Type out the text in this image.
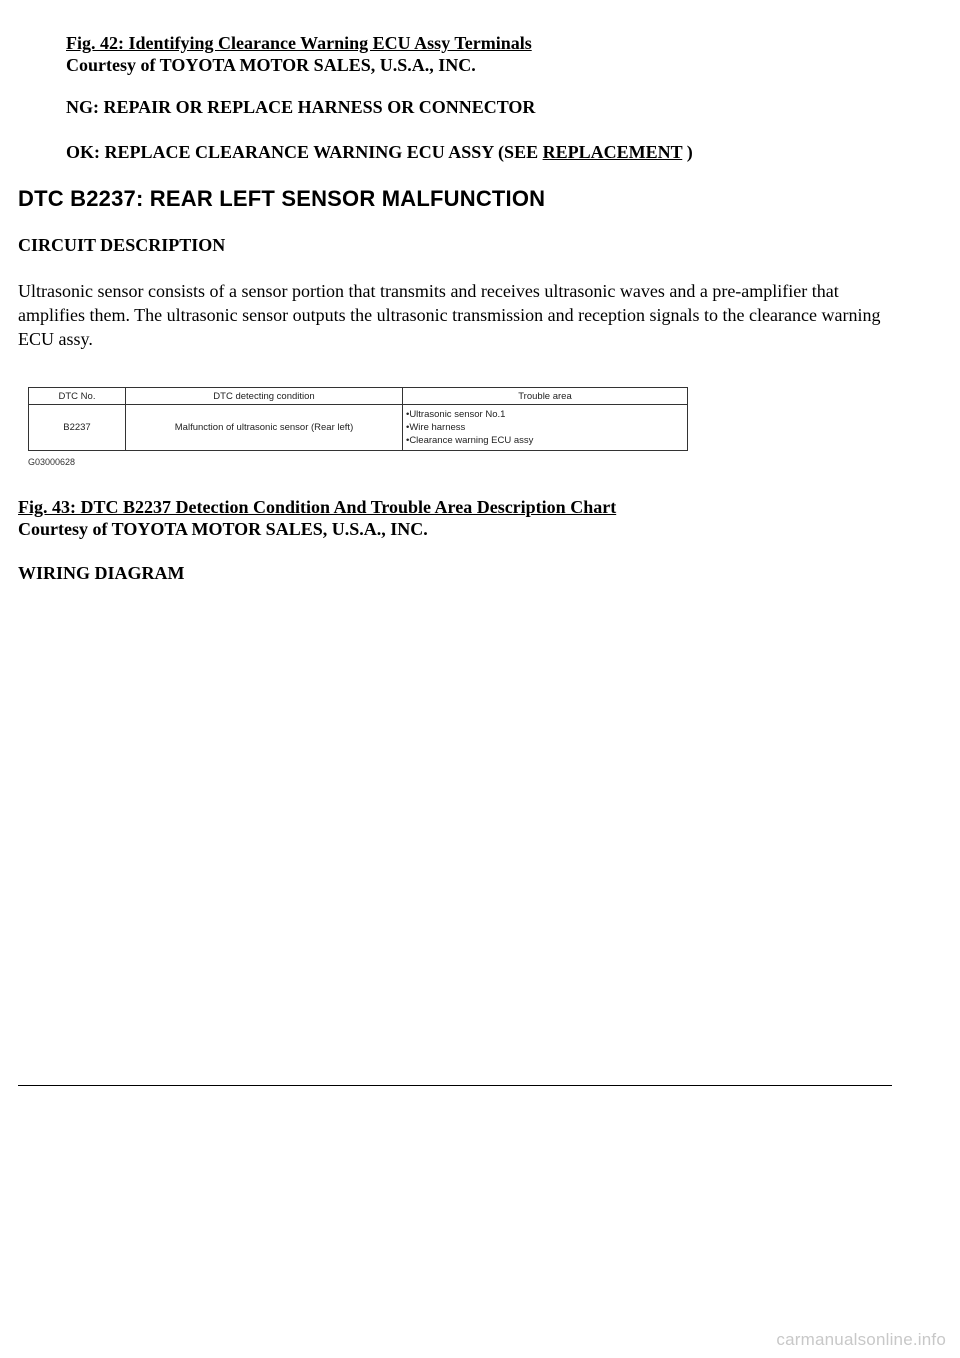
Fig. 42: Identifying Clearance Warning ECU Assy Terminals
Courtesy of TOYOTA MOTOR SALES, U.S.A., INC.
NG: REPAIR OR REPLACE HARNESS OR CONNECTOR
OK: REPLACE CLEARANCE WARNING ECU ASSY (SEE REPLACEMENT )
DTC B2237: REAR LEFT SENSOR MALFUNCTION
CIRCUIT DESCRIPTION
Ultrasonic sensor consists of a sensor portion that transmits and receives ultrasonic waves and a pre-amplifier that amplifies them. The ultrasonic sensor outputs the ultrasonic transmission and reception signals to the clearance warning ECU assy.
DTC No.	DTC detecting condition	Trouble area
B2237	Malfunction of ultrasonic sensor (Rear left)	•Ultrasonic sensor No.1
•Wire harness
•Clearance warning ECU assy
G03000628
Fig. 43: DTC B2237 Detection Condition And Trouble Area Description Chart
Courtesy of TOYOTA MOTOR SALES, U.S.A., INC.
WIRING DIAGRAM
carmanualsonline.info
